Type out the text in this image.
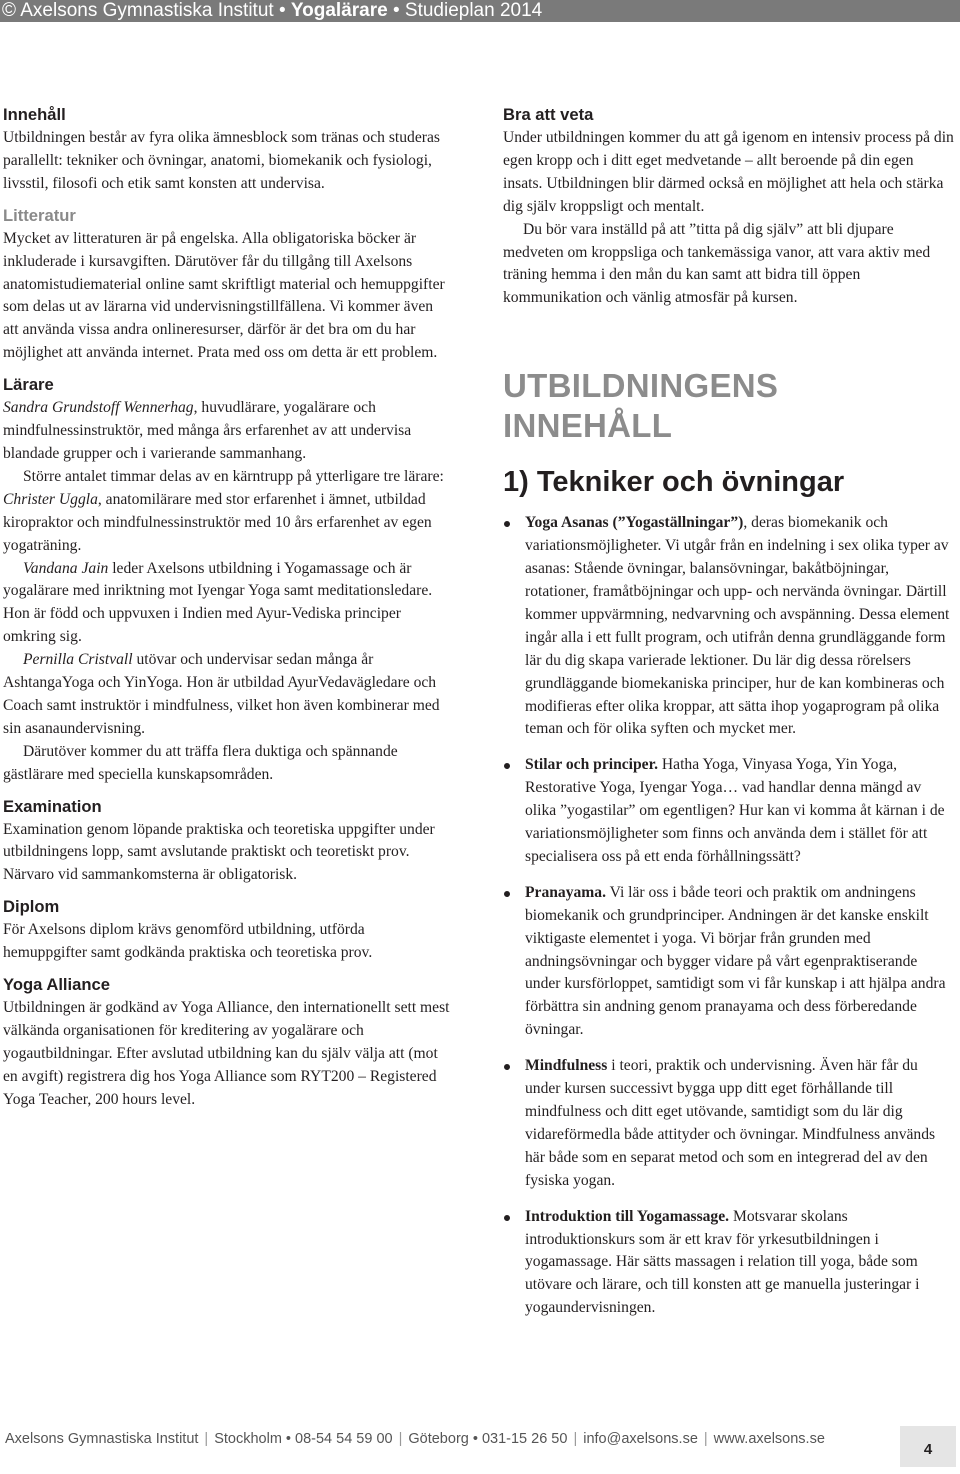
© Axelsons Gymnastiska Institut • Yogalärare • Studieplan 2014
Innehåll

Utbildningen består av fyra olika ämnesblock som tränas och studeras parallellt: tekniker och övningar, anatomi, biomekanik och fysiologi, livsstil, filosofi och etik samt konsten att undervisa.

Litteratur

Mycket av litteraturen är på engelska. Alla obligatoriska böcker är inkluderade i kursavgiften. Därutöver får du tillgång till Axelsons anatomistudiematerial online samt skriftligt material och hemuppgifter som delas ut av lärarna vid undervisningstillfällena. Vi kommer även att använda vissa andra onlineresurser, därför är det bra om du har möjlighet att använda internet. Prata med oss om detta är ett problem.

Lärare

Sandra Grundstoff Wennerhag, huvudlärare, yogalärare och mindfulnessinstruktör, med många års erfarenhet av att undervisa blandade grupper och i varierande sammanhang.

Större antalet timmar delas av en kärntrupp på ytterligare tre lärare:

Christer Uggla, anatomilärare med stor erfarenhet i ämnet, utbildad kiropraktor och mindfulnessinstruktör med 10 års erfarenhet av egen yogaträning.

Vandana Jain leder Axelsons utbildning i Yogamassage och är yogalärare med inriktning mot Iyengar Yoga samt meditationsledare. Hon är född och uppvuxen i Indien med Ayur-Vediska principer omkring sig.

Pernilla Cristvall utövar och undervisar sedan många år AshtangaYoga och YinYoga. Hon är utbildad AyurVedavägledare och Coach samt instruktör i mindfulness, vilket hon även kombinerar med sin asanaundervisning.

Därutöver kommer du att träffa flera duktiga och spännande gästlärare med speciella kunskapsområden.

Examination

Examination genom löpande praktiska och teoretiska uppgifter under utbildningens lopp, samt avslutande praktiskt och teoretiskt prov. Närvaro vid sammankomsterna är obligatorisk.

Diplom

För Axelsons diplom krävs genomförd utbildning, utförda hemuppgifter samt godkända praktiska och teoretiska prov.

Yoga Alliance

Utbildningen är godkänd av Yoga Alliance, den internationellt sett mest välkända organisationen för kreditering av yogalärare och yogautbildningar. Efter avslutad utbildning kan du själv välja att (mot en avgift) registrera dig hos Yoga Alliance som RYT200 – Registered Yoga Teacher, 200 hours level.

Bra att veta

Under utbildningen kommer du att gå igenom en intensiv process på din egen kropp och i ditt eget medvetande – allt beroende på din egen insats. Utbildningen blir därmed också en möjlighet att hela och stärka dig själv kroppsligt och mentalt.

Du bör vara inställd på att ”titta på dig själv” att bli djupare medveten om kroppsliga och tankemässiga vanor, att vara aktiv med träning hemma i den mån du kan samt att bidra till öppen kommunikation och vänlig atmosfär på kursen.

UTBILDNINGENS INNEHÅLL
1) Tekniker och övningar
Yoga Asanas (”Yogaställningar”), deras biomekanik och variationsmöjligheter. Vi utgår från en indelning i sex olika typer av asanas: Stående övningar, balansövningar, bakåtböjningar, rotationer, framåtböjningar och upp- och nervända övningar. Därtill kommer uppvärmning, nedvarvning och avspänning. Dessa element ingår alla i ett fullt program, och utifrån denna grundläggande form lär du dig skapa varierade lektioner. Du lär dig dessa rörelsers grundläggande biomekaniska principer, hur de kan kombineras och modifieras efter olika kroppar, att sätta ihop yogaprogram på olika teman och för olika syften och mycket mer.
Stilar och principer. Hatha Yoga, Vinyasa Yoga, Yin Yoga, Restorative Yoga, Iyengar Yoga… vad handlar denna mängd av olika ”yogastilar” om egentligen? Hur kan vi komma åt kärnan i de variationsmöjligheter som finns och använda dem i stället för att specialisera oss på ett enda förhållningssätt?
Pranayama. Vi lär oss i både teori och praktik om andningens biomekanik och grundprinciper. Andningen är det kanske enskilt viktigaste elementet i yoga. Vi börjar från grunden med andningsövningar och bygger vidare på vårt egenpraktiserande under kursförloppet, samtidigt som vi får kunskap i att hjälpa andra förbättra sin andning genom pranayama och dess förberedande övningar.
Mindfulness i teori, praktik och undervisning. Även här får du under kursen successivt bygga upp ditt eget förhållande till mindfulness och ditt eget utövande, samtidigt som du lär dig vidareförmedla både attityder och övningar. Mindfulness används här både som en separat metod och som en integrerad del av den fysiska yogan.
Introduktion till Yogamassage. Motsvarar skolans introduktionskurs som är ett krav för yrkesutbildningen i yogamassage. Här sätts massagen i relation till yoga, både som utövare och lärare, och till konsten att ge manuella justeringar i yogaundervisningen.
Axelsons Gymnastiska Institut | Stockholm • 08-54 54 59 00 | Göteborg • 031-15 26 50 | info@axelsons.se | www.axelsons.se
4
